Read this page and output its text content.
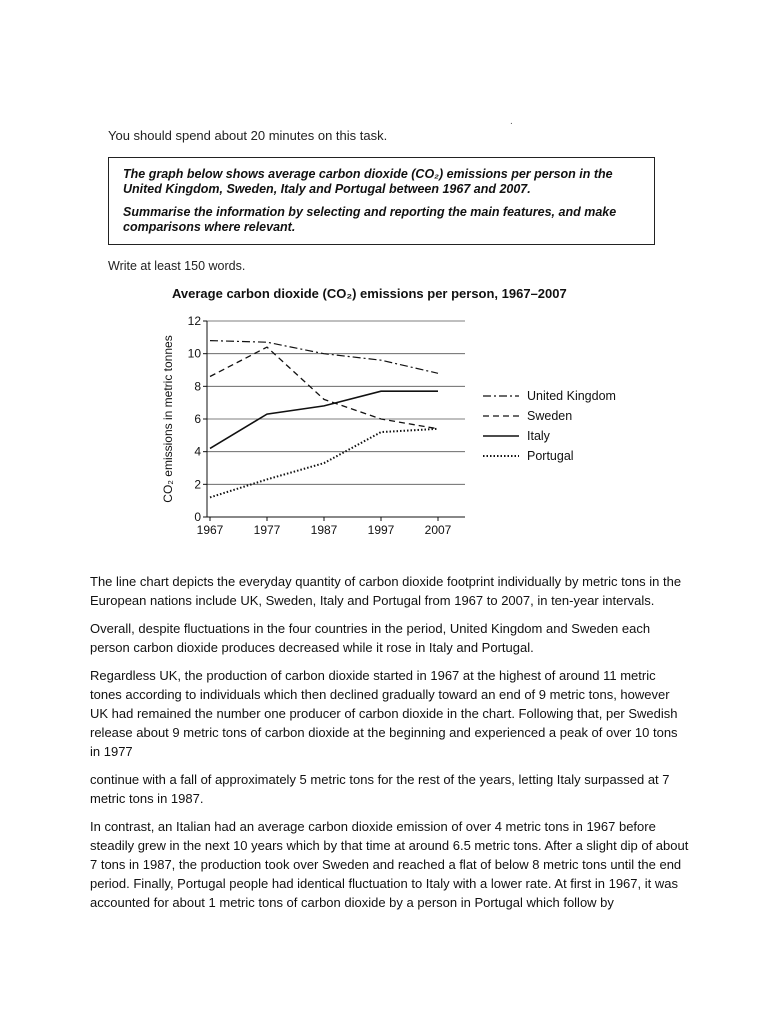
.
You should spend about 20 minutes on this task.

The graph below shows average carbon dioxide (CO₂) emissions per person in the United Kingdom, Sweden, Italy and Portugal between 1967 and 2007.

Summarise the information by selecting and reporting the main features, and make comparisons where relevant.

Write at least 150 words.
Average carbon dioxide (CO₂) emissions per person, 1967–2007
0
2
4
6
8
10
12
1967	1977	1987	1997	2007
CO₂ emissions in metric tonnes	United Kingdom
Sweden
Italy
Portugal

The line chart depicts the everyday quantity of carbon dioxide footprint individually by metric tons in the European nations include UK, Sweden, Italy and Portugal from 1967 to 2007, in ten-year intervals.

Overall, despite fluctuations in the four countries in the period, United Kingdom and Sweden each person carbon dioxide produces decreased while it rose in Italy and Portugal.

Regardless UK, the production of carbon dioxide started in 1967 at the highest of around 11 metric tones according to individuals which then declined gradually toward an end of 9 metric tons, however UK had remained the number one producer of carbon dioxide in the chart. Following that, per Swedish release about 9 metric tons of carbon dioxide at the beginning and experienced a peak of over 10 tons in 1977

continue with a fall of approximately 5 metric tons for the rest of the years, letting Italy surpassed at 7 metric tons in 1987.

In contrast, an Italian had an average carbon dioxide emission of over 4 metric tons in 1967 before steadily grew in the next 10 years which by that time at around 6.5 metric tons. After a slight dip of about 7 tons in 1987, the production took over Sweden and reached a flat of below 8 metric tons until the end period. Finally, Portugal people had identical fluctuation to Italy with a lower rate. At first in 1967, it was accounted for about 1 metric tons of carbon dioxide by a person in Portugal which follow by
